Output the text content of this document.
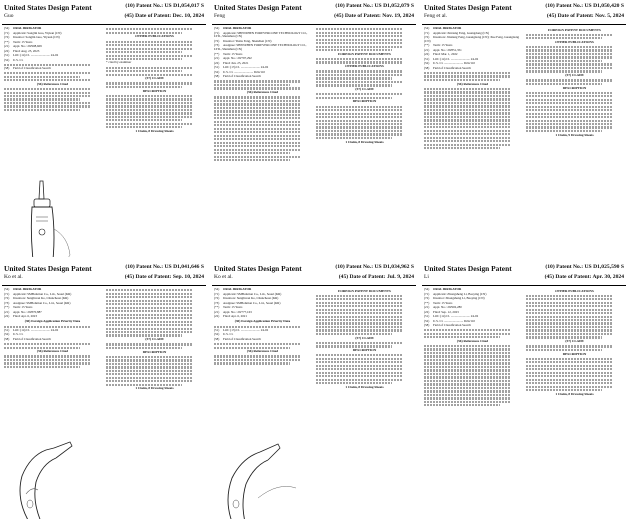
United States Design Patent
Guo
(10) Patent No.: US D1,054,017 S
(45) Date of Patent: Dec. 10, 2024
(54) ORAL IRRIGATOR
(71) Applicant: Songlin Guo, Yiyuan (CN)
(72) Inventor: Songlin Guo, Yiyuan (CN)
(**) Term: 15 Years
(21) Appl. No.: 29/908,609
(22) Filed: Aug. 25, 2023
(51) LOC (14) Cl. ........................ 24-02
(52) U.S. Cl.
(58) Field of Classification Search
(56) References Cited
OTHER PUBLICATIONS
* cited by examiner
(57) CLAIM
DESCRIPTION
1 Claim, 8 Drawing Sheets
United States Design Patent
Feng
(10) Patent No.: US D1,052,079 S
(45) Date of Patent: Nov. 19, 2024
(54) ORAL IRRIGATOR
(71) Applicant: SHENZHEN FOREVERCONE TECHNOLOGY CO., LTD., Shenzhen (CN)
(72) Inventor: Yuxiu Feng, Shenzhen (CN)
(73) Assignee: SHENZHEN FOREVERCONE TECHNOLOGY CO., LTD., Shenzhen (CN)
(**) Term: 15 Years
(21) Appl. No.: 29/797,292
(22) Filed: Jun. 25, 2021
(51) LOC (13) Cl. ........................ 24-02
(52) U.S. Cl. ........................ D24/110
(58) Field of Classification Search
(56) References Cited
FOREIGN PATENT DOCUMENTS
OTHER PUBLICATIONS
(57) CLAIM
DESCRIPTION
1 Claim, 8 Drawing Sheets
United States Design Patent
Feng et al.
(10) Patent No.: US D1,050,420 S
(45) Date of Patent: Nov. 5, 2024
(54) ORAL IRRIGATOR
(71) Applicant: Jinxiang Feng, Guangdong (CN)
(72) Inventors: Jinxiang Feng, Guangdong (CN); Xue Feng, Guangdong (CN)
(**) Term: 15 Years
(21) Appl. No.: 29/851,351
(22) Filed: Mar. 1, 2022
(51) LOC (14) Cl. ........................ 24-02
(52) U.S. Cl. ........................ D24/110
(58) Field of Classification Search
(56) References Cited
FOREIGN PATENT DOCUMENTS
OTHER PUBLICATIONS
(57) CLAIM
DESCRIPTION
1 Claim, 9 Drawing Sheets
United States Design Patent
Ko et al.
(10) Patent No.: US D1,041,646 S
(45) Date of Patent: Sep. 10, 2024
(54) ORAL IRRIGATOR
(71) Applicant: SMBolution Co., Ltd., Seoul (KR)
(72) Inventors: Sunghwan Ko, Chuncheon (KR)
(73) Assignee: SMBolution Co., Ltd., Seoul (KR)
(**) Term: 15 Years
(21) Appl. No.: 29/870,887
(22) Filed: Apr. 6, 2023
(30) Foreign Application Priority Data
(51) LOC (14) Cl. ........................ 24-02
(52) U.S. Cl.
(58) Field of Classification Search
(56) References Cited
(57) CLAIM
DESCRIPTION
1 Claim, 8 Drawing Sheets
United States Design Patent
Ko et al.
(10) Patent No.: US D1,034,962 S
(45) Date of Patent: Jul. 9, 2024
(54) ORAL IRRIGATOR
(71) Applicant: SMBolution Co., Ltd., Seoul (KR)
(72) Inventors: Sunghwan Ko, Chuncheon (KR)
(73) Assignee: SMBolution Co., Ltd., Seoul (KR)
(**) Term: 15 Years
(21) Appl. No.: 29/777,163
(22) Filed: Apr. 6, 2021
(30) Foreign Application Priority Data
(51) LOC (13) Cl. ........................ 24-02
(52) U.S. Cl.
(58) Field of Classification Search
(56) References Cited
FOREIGN PATENT DOCUMENTS
(57) CLAIM
DESCRIPTION
1 Claim, 8 Drawing Sheets
United States Design Patent
Li
(10) Patent No.: US D1,025,590 S
(45) Date of Patent: Apr. 30, 2024
(54) ORAL IRRIGATOR
(71) Applicant: Zhongsheng Li, Baoying (CN)
(72) Inventor: Zhongsheng Li, Baoying (CN)
(**) Term: 15 Years
(21) Appl. No.: 29/902,280
(22) Filed: Sep. 12, 2023
(51) LOC (14) Cl. ........................ 24-02
(52) U.S. Cl. ........................ D24/110
(58) Field of Classification Search
(56) References Cited
OTHER PUBLICATIONS
(57) CLAIM
DESCRIPTION
1 Claim, 8 Drawing Sheets
